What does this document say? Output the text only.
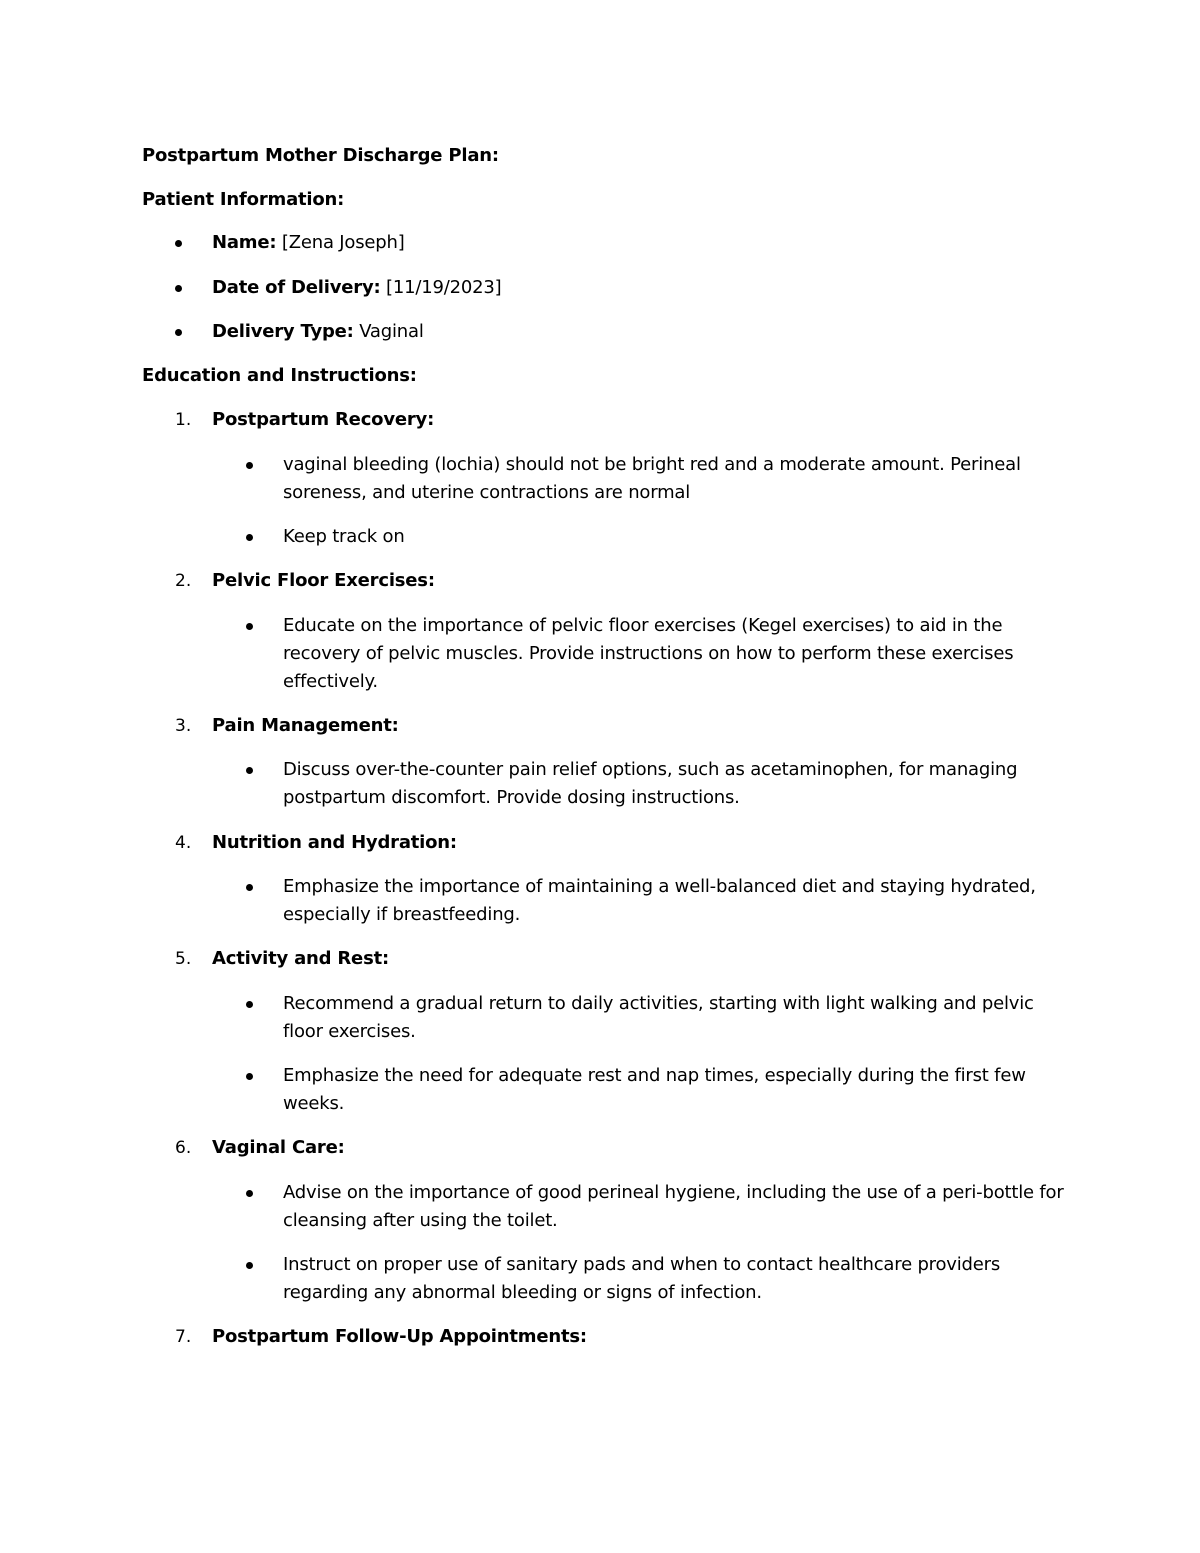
Postpartum Mother Discharge Plan:
Patient Information:
Name: [Zena Joseph]
Date of Delivery: [11/19/2023]
Delivery Type: Vaginal
Education and Instructions:
1.	Postpartum Recovery:
vaginal bleeding (lochia) should not be bright red and a moderate amount. Perineal
soreness, and uterine contractions are normal
Keep track on
2.	Pelvic Floor Exercises:
Educate on the importance of pelvic floor exercises (Kegel exercises) to aid in the
recovery of pelvic muscles. Provide instructions on how to perform these exercises
effectively.
3.	Pain Management:
Discuss over-the-counter pain relief options, such as acetaminophen, for managing
postpartum discomfort. Provide dosing instructions.
4.	Nutrition and Hydration:
Emphasize the importance of maintaining a well-balanced diet and staying hydrated,
especially if breastfeeding.
5.	Activity and Rest:
Recommend a gradual return to daily activities, starting with light walking and pelvic
floor exercises.
Emphasize the need for adequate rest and nap times, especially during the first few
weeks.
6.	Vaginal Care:
Advise on the importance of good perineal hygiene, including the use of a peri-bottle for
cleansing after using the toilet.
Instruct on proper use of sanitary pads and when to contact healthcare providers
regarding any abnormal bleeding or signs of infection.
7.	Postpartum Follow-Up Appointments:
